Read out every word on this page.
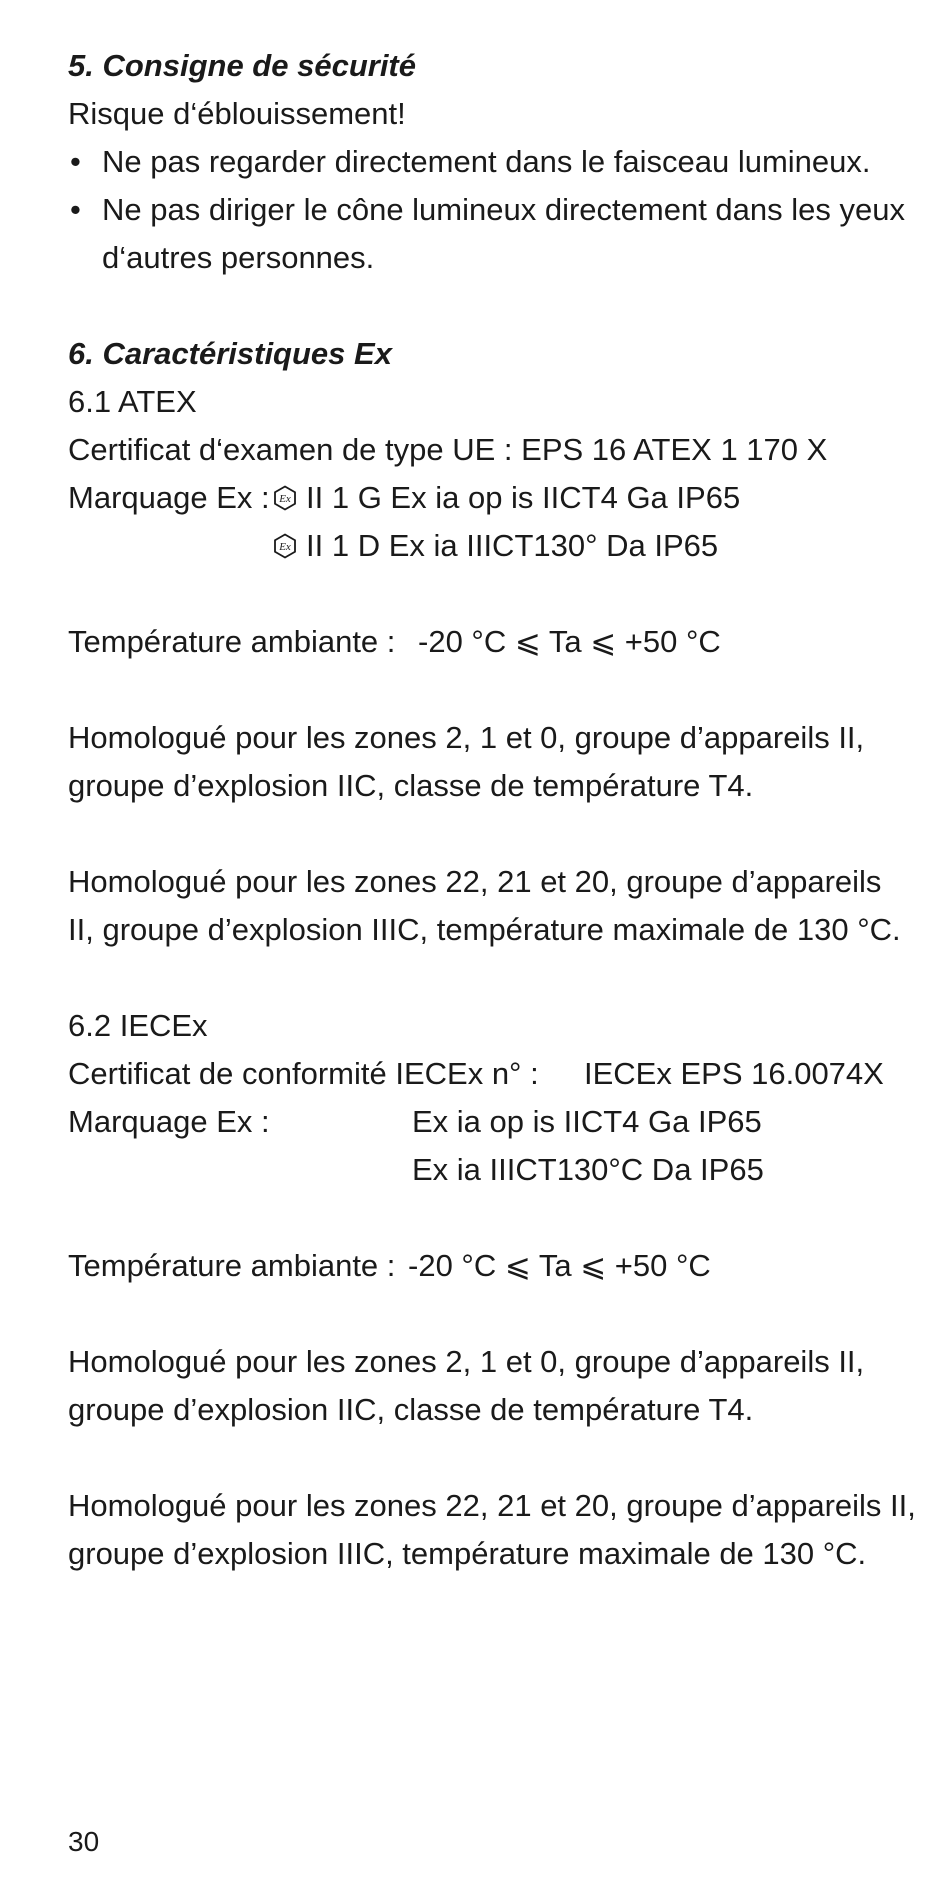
5. Consigne de sécurité
Risque d‘éblouissement!
• Ne pas regarder directement dans le faisceau lumineux.
• Ne pas diriger le cône lumineux directement dans les yeux d‘autres personnes.
6. Caractéristiques Ex
6.1 ATEX
Certificat d‘examen de type UE : EPS 16 ATEX 1 170 X
Marquage Ex : Ex II 1 G Ex ia op is IICT4 Ga IP65
Ex II 1 D Ex ia IIICT130° Da IP65
Température ambiante : -20 °C ⩽ Ta ⩽ +50 °C
Homologué pour les zones 2, 1 et 0, groupe d’appareils II,
groupe d’explosion IIC, classe de température T4.
Homologué pour les zones 22, 21 et 20, groupe d’appareils
II, groupe d’explosion IIIC, température maximale de 130 °C.
6.2 IECEx
Certificat de conformité IECEx n° :	IECEx EPS 16.0074X
Marquage Ex :	Ex ia op is IICT4 Ga IP65
Ex ia IIICT130°C Da IP65
Température ambiante : -20 °C ⩽ Ta ⩽ +50 °C
Homologué pour les zones 2, 1 et 0, groupe d’appareils II,
groupe d’explosion IIC, classe de température T4.
Homologué pour les zones 22, 21 et 20, groupe d’appareils II,
groupe d’explosion IIIC, température maximale de 130 °C.
30
